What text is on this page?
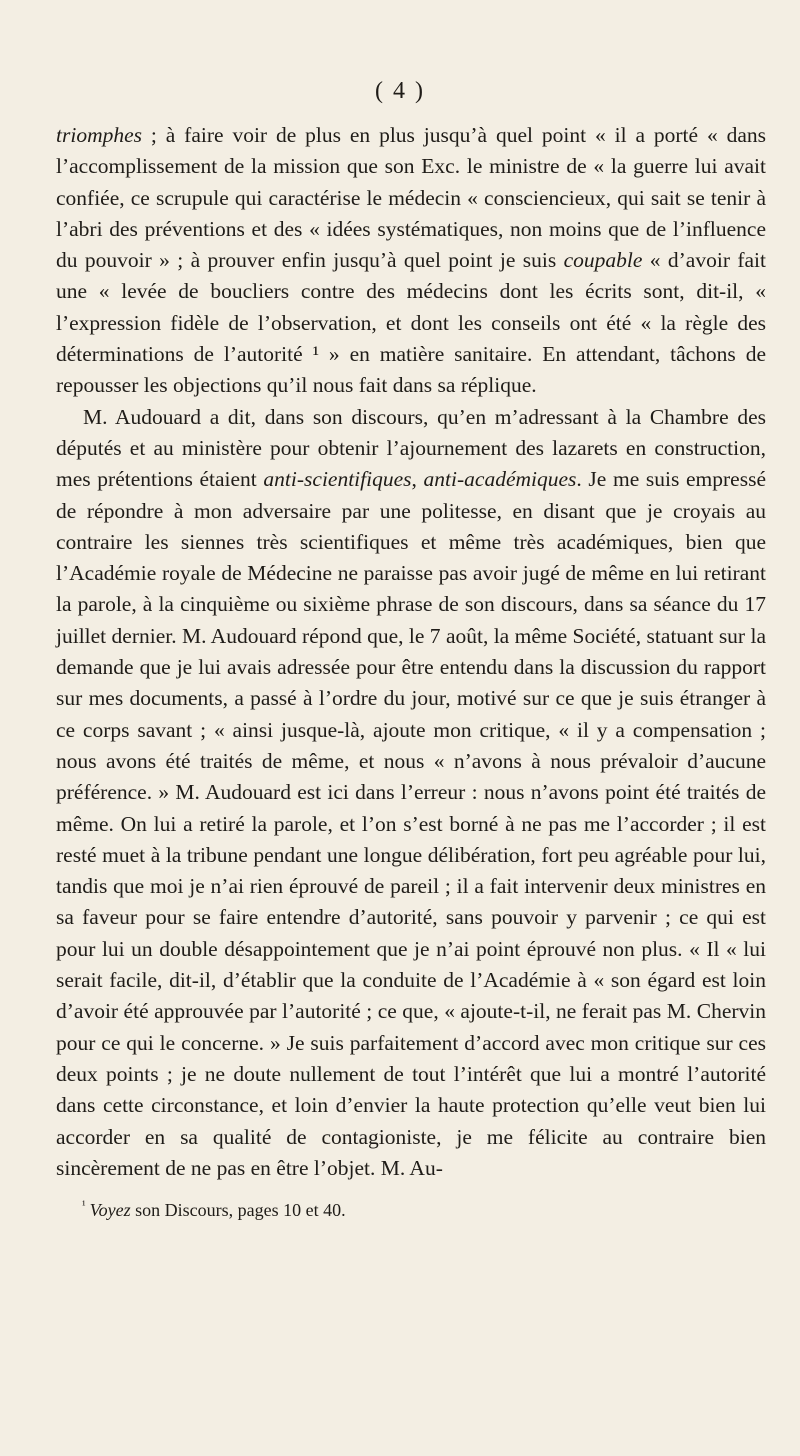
( 4 )

triomphes ; à faire voir de plus en plus jusqu’à quel point « il a porté « dans l’accomplissement de la mission que son Exc. le ministre de « la guerre lui avait confiée, ce scrupule qui caractérise le médecin « consciencieux, qui sait se tenir à l’abri des préventions et des « idées systématiques, non moins que de l’influence du pouvoir » ; à prouver enfin jusqu’à quel point je suis coupable « d’avoir fait une « levée de boucliers contre des médecins dont les écrits sont, dit-il, « l’expression fidèle de l’observation, et dont les conseils ont été « la règle des déterminations de l’autorité ¹ » en matière sanitaire. En attendant, tâchons de repousser les objections qu’il nous fait dans sa réplique.

M. Audouard a dit, dans son discours, qu’en m’adressant à la Chambre des députés et au ministère pour obtenir l’ajournement des lazarets en construction, mes prétentions étaient anti-scientifiques, anti-académiques. Je me suis empressé de répondre à mon adversaire par une politesse, en disant que je croyais au contraire les siennes très scientifiques et même très académiques, bien que l’Académie royale de Médecine ne paraisse pas avoir jugé de même en lui retirant la parole, à la cinquième ou sixième phrase de son discours, dans sa séance du 17 juillet dernier. M. Audouard répond que, le 7 août, la même Société, statuant sur la demande que je lui avais adressée pour être entendu dans la discussion du rapport sur mes documents, a passé à l’ordre du jour, motivé sur ce que je suis étranger à ce corps savant ; « ainsi jusque-là, ajoute mon critique, « il y a compensation ; nous avons été traités de même, et nous « n’avons à nous prévaloir d’aucune préférence. » M. Audouard est ici dans l’erreur : nous n’avons point été traités de même. On lui a retiré la parole, et l’on s’est borné à ne pas me l’accorder ; il est resté muet à la tribune pendant une longue délibération, fort peu agréable pour lui, tandis que moi je n’ai rien éprouvé de pareil ; il a fait intervenir deux ministres en sa faveur pour se faire entendre d’autorité, sans pouvoir y parvenir ; ce qui est pour lui un double désappointement que je n’ai point éprouvé non plus. « Il « lui serait facile, dit-il, d’établir que la conduite de l’Académie à « son égard est loin d’avoir été approuvée par l’autorité ; ce que, « ajoute-t-il, ne ferait pas M. Chervin pour ce qui le concerne. » Je suis parfaitement d’accord avec mon critique sur ces deux points ; je ne doute nullement de tout l’intérêt que lui a montré l’autorité dans cette circonstance, et loin d’envier la haute protection qu’elle veut bien lui accorder en sa qualité de contagioniste, je me félicite au contraire bien sincèrement de ne pas en être l’objet. M. Au-

$^{^1}$ Voyez son Discours, pages 10 et 40.
